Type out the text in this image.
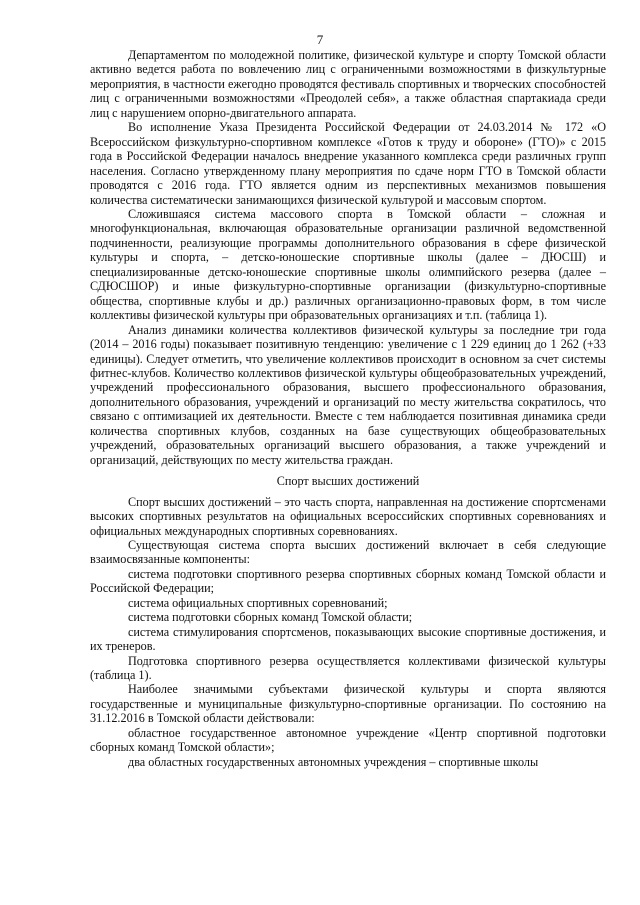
7

Департаментом по молодежной политике, физической культуре и спорту Томской области активно ведется работа по вовлечению лиц с ограниченными возможностями в физкультурные мероприятия, в частности ежегодно проводятся фестиваль спортивных и творческих способностей лиц с ограниченными возможностями «Преодолей себя», а также областная спартакиада среди лиц с нарушением опорно-двигательного аппарата.

Во исполнение Указа Президента Российской Федерации от 24.03.2014 № 172 «О Всероссийском физкультурно-спортивном комплексе «Готов к труду и обороне» (ГТО)» с 2015 года в Российской Федерации началось внедрение указанного комплекса среди различных групп населения. Согласно утвержденному плану мероприятия по сдаче норм ГТО в Томской области проводятся с 2016 года. ГТО является одним из перспективных механизмов повышения количества систематически занимающихся физической культурой и массовым спортом.

Сложившаяся система массового спорта в Томской области – сложная и многофункциональная, включающая образовательные организации различной ведомственной подчиненности, реализующие программы дополнительного образования в сфере физической культуры и спорта, – детско-юношеские спортивные школы (далее – ДЮСШ) и специализированные детско-юношеские спортивные школы олимпийского резерва (далее – СДЮСШОР) и иные физкультурно-спортивные организации (физкультурно-спортивные общества, спортивные клубы и др.) различных организационно-правовых форм, в том числе коллективы физической культуры при образовательных организациях и т.п. (таблица 1).

Анализ динамики количества коллективов физической культуры за последние три года (2014 – 2016 годы) показывает позитивную тенденцию: увеличение с 1 229 единиц до 1 262 (+33 единицы). Следует отметить, что увеличение коллективов происходит в основном за счет системы фитнес-клубов. Количество коллективов физической культуры общеобразовательных учреждений, учреждений профессионального образования, высшего профессионального образования, дополнительного образования, учреждений и организаций по месту жительства сократилось, что связано с оптимизацией их деятельности. Вместе с тем наблюдается позитивная динамика среди количества спортивных клубов, созданных на базе существующих общеобразовательных учреждений, образовательных организаций высшего образования, а также учреждений и организаций, действующих по месту жительства граждан.

Спорт высших достижений

Спорт высших достижений – это часть спорта, направленная на достижение спортсменами высоких спортивных результатов на официальных всероссийских спортивных соревнованиях и официальных международных спортивных соревнованиях.

Существующая система спорта высших достижений включает в себя следующие взаимосвязанные компоненты:

система подготовки спортивного резерва спортивных сборных команд Томской области и Российской Федерации;

система официальных спортивных соревнований;

система подготовки сборных команд Томской области;

система стимулирования спортсменов, показывающих высокие спортивные достижения, и их тренеров.

Подготовка спортивного резерва осуществляется коллективами физической культуры (таблица 1).

Наиболее значимыми субъектами физической культуры и спорта являются государственные и муниципальные физкультурно-спортивные организации. По состоянию на 31.12.2016 в Томской области действовали:

областное государственное автономное учреждение «Центр спортивной подготовки сборных команд Томской области»;

два областных государственных автономных учреждения – спортивные школы
